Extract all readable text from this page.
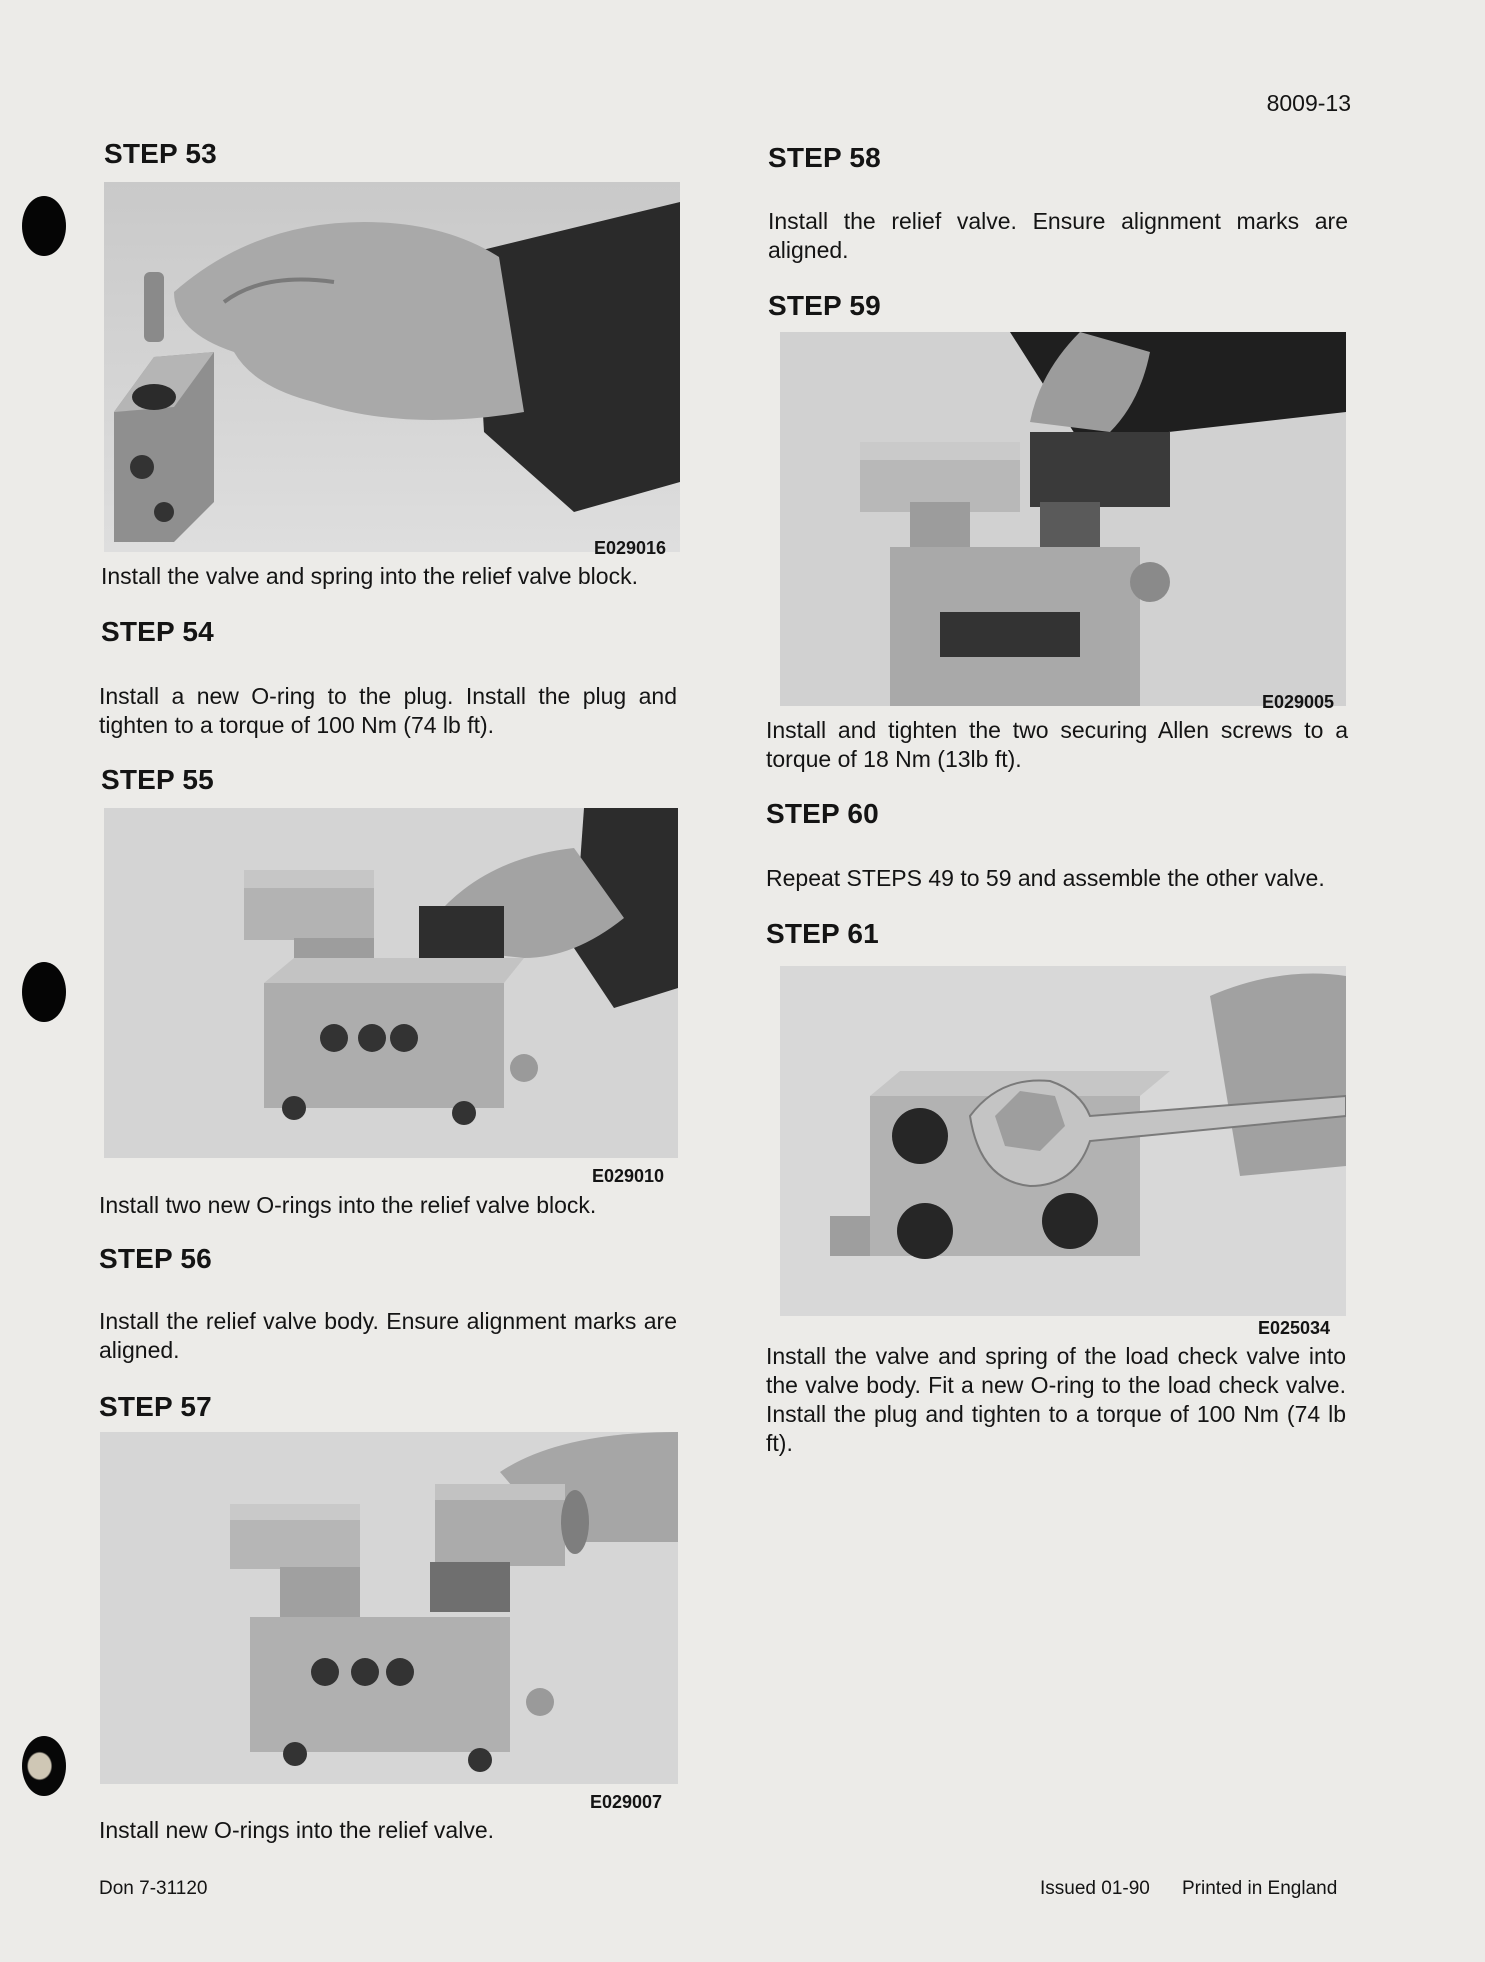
8009-13
STEP 53
E029016
Install the valve and spring into the relief valve block.
STEP 54
Install a new O-ring to the plug. Install the plug and tighten to a torque of 100 Nm (74 lb ft).
STEP 55
E029010
Install two new O-rings into the relief valve block.
STEP 56
Install the relief valve body. Ensure alignment marks are aligned.
STEP 57
E029007
Install new O-rings into the relief valve.
STEP 58
Install the relief valve. Ensure alignment marks are aligned.
STEP 59
E029005
Install and tighten the two securing Allen screws to a torque of 18 Nm (13lb ft).
STEP 60
Repeat STEPS 49 to 59 and assemble the other valve.
STEP 61
E025034
Install the valve and spring of the load check valve into the valve body. Fit a new O-ring to the load check valve. Install the plug and tighten to a torque of 100 Nm (74 lb ft).
Don 7-31120	Issued 01-90 Printed in England
